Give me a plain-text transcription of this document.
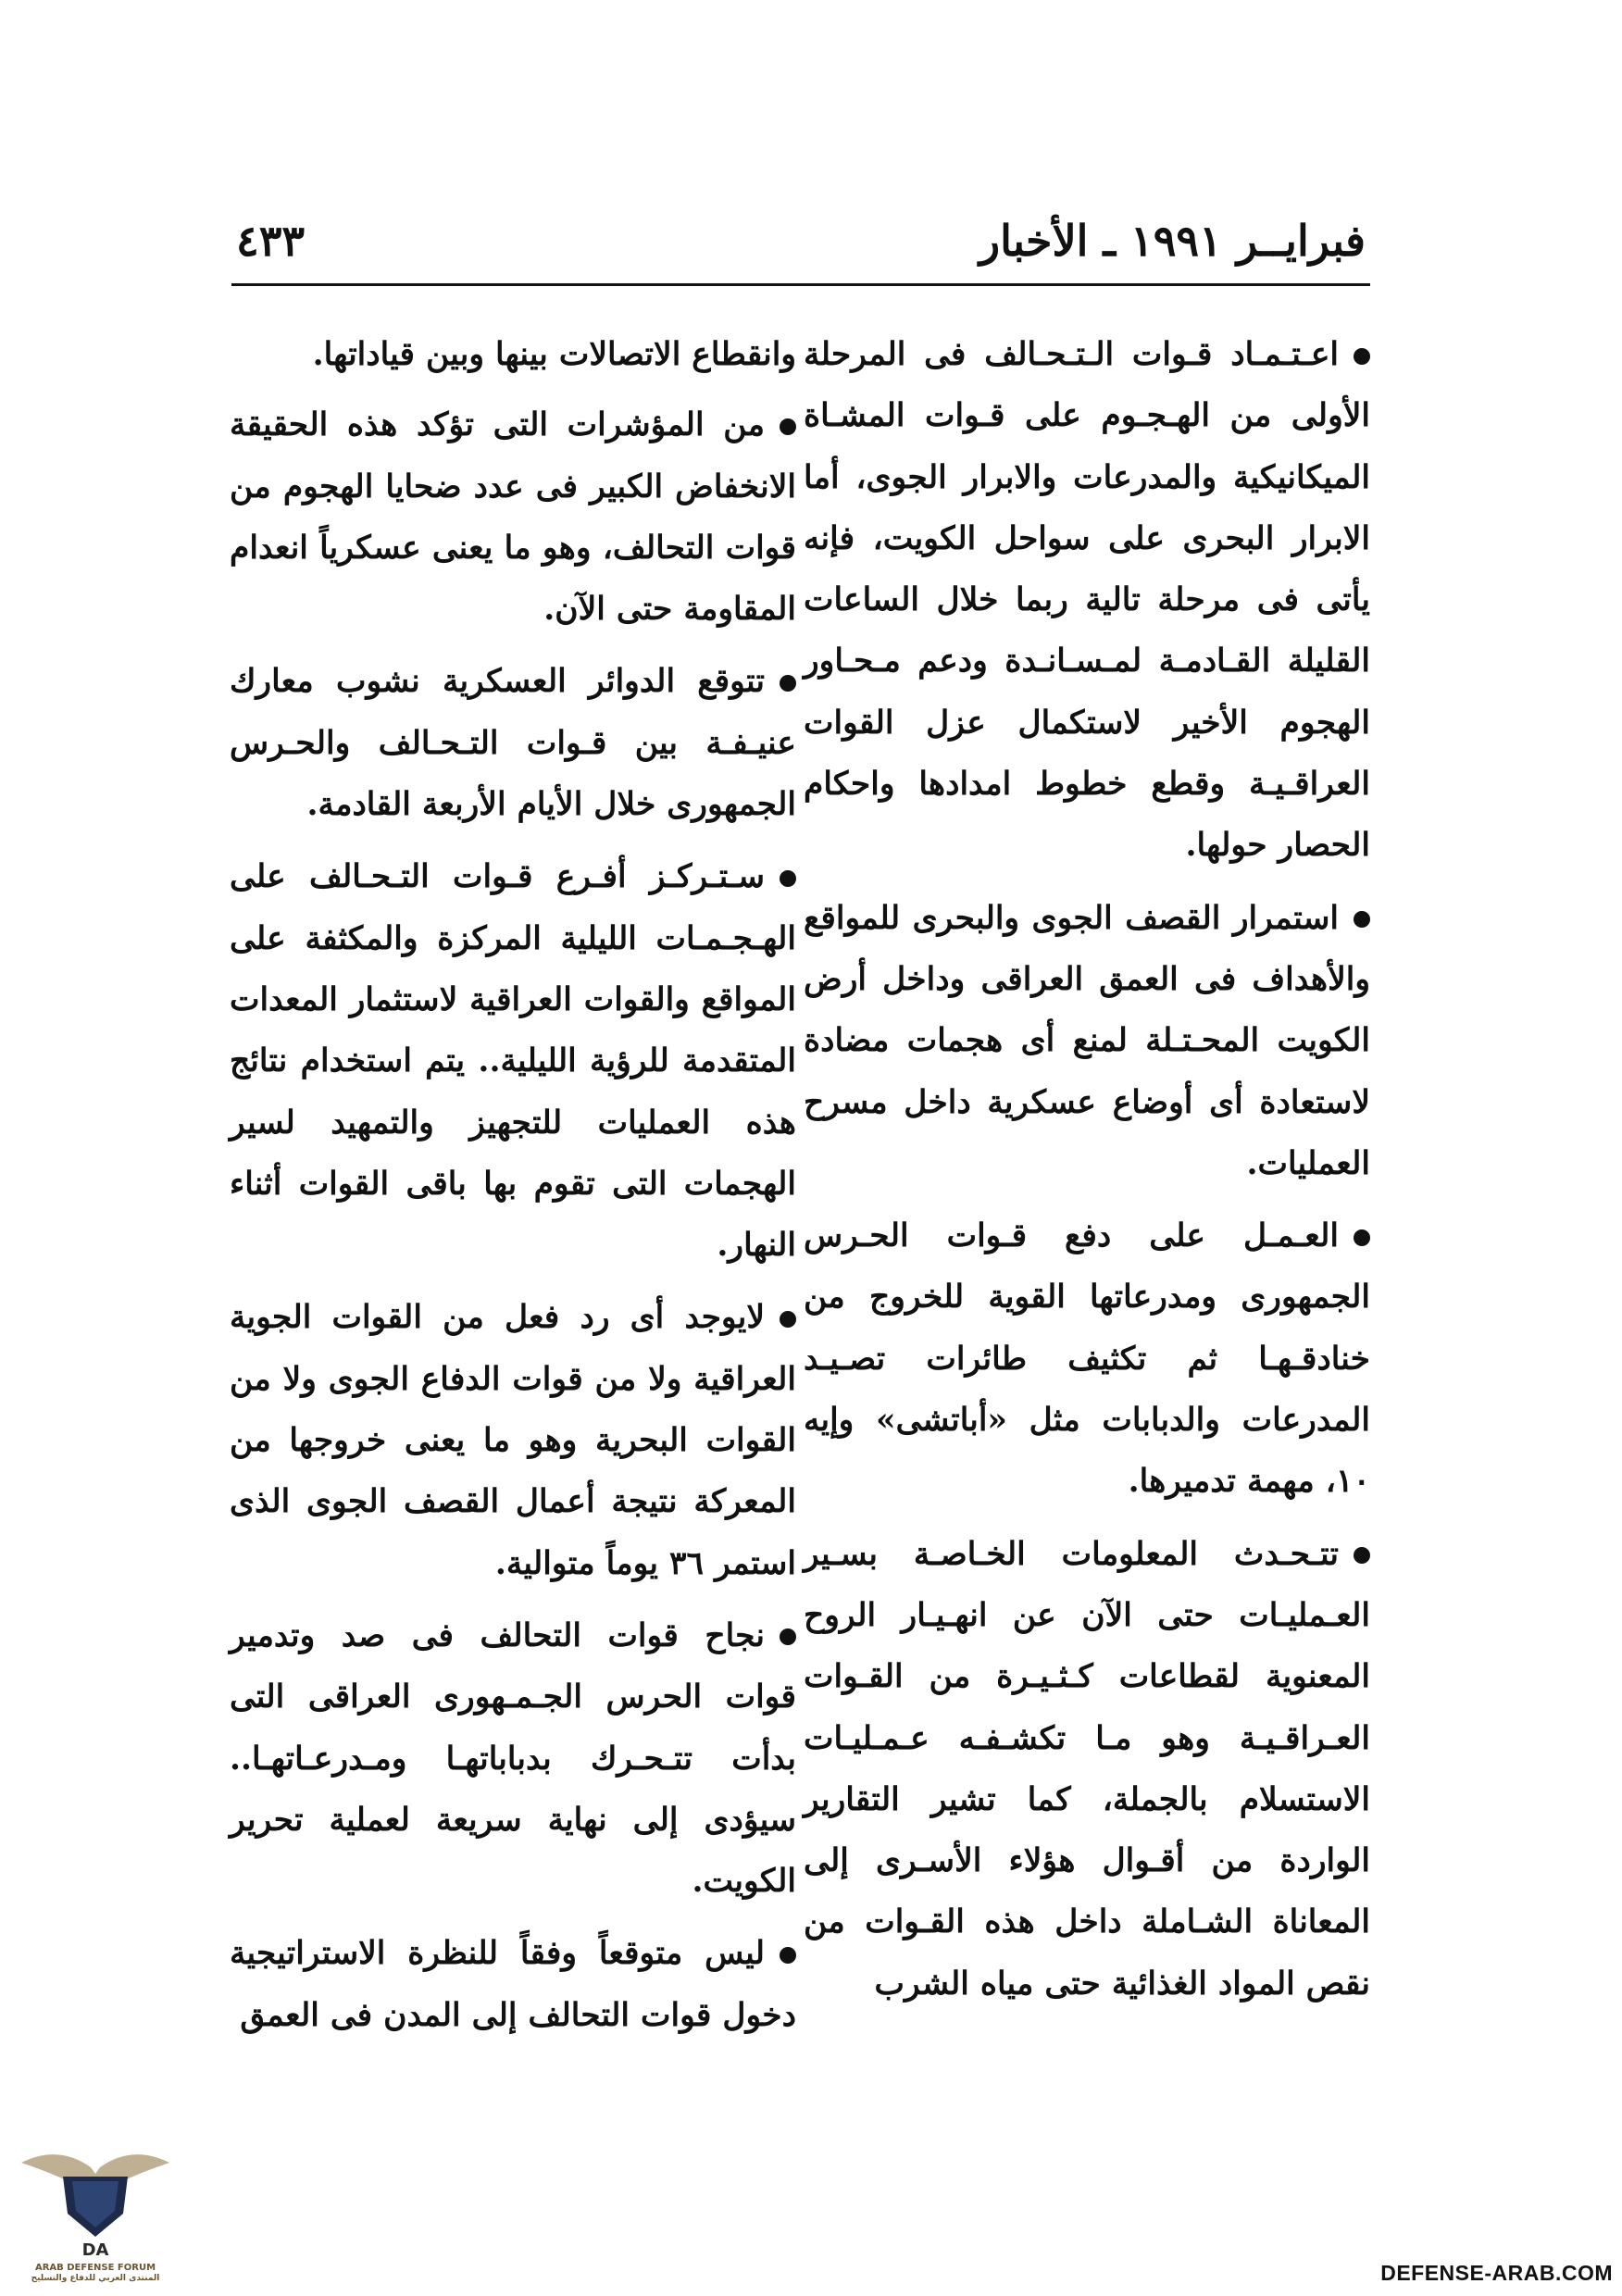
فبرايــر ١٩٩١ ـ الأخبار
٤٣٣

اعـتـمـاد قـوات الـتـحـالف فى المرحلة الأولى من الهـجـوم على قـوات المشـاة الميكانيكية والمدرعات والابرار الجوى، أما الابرار البحرى على سواحل الكويت، فإنه يأتى فى مرحلة تالية ربما خلال الساعات القليلة القـادمـة لمـسـانـدة ودعم مـحـاور الهجوم الأخير لاستكمال عزل القوات العراقـيـة وقطع خطوط امدادها واحكام الحصار حولها.

استمرار القصف الجوى والبحرى للمواقع والأهداف فى العمق العراقى وداخل أرض الكويت المحـتـلة لمنع أى هجمات مضادة لاستعادة أى أوضاع عسكرية داخل مسرح العمليات.

العـمـل على دفع قـوات الحـرس الجمهورى ومدرعاتها القوية للخروج من خنادقـهـا ثم تكثيف طائرات تصـيـد المدرعات والدبابات مثل «أباتشى» وإيه ١٠، مهمة تدميرها.

تتـحـدث المعلومات الخـاصـة بسـير العـمليـات حتى الآن عن انهـيـار الروح المعنوية لقطاعات كـثـيـرة من القـوات العـراقـيـة وهو مـا تكشـفـه عـمـليـات الاستسلام بالجملة، كما تشير التقارير الواردة من أقـوال هؤلاء الأسـرى إلى المعاناة الشـاملة داخل هذه القـوات من نقص المواد الغذائية حتى مياه الشرب

وانقطاع الاتصالات بينها وبين قياداتها.

من المؤشرات التى تؤكد هذه الحقيقة الانخفاض الكبير فى عدد ضحايا الهجوم من قوات التحالف، وهو ما يعنى عسكرياً انعدام المقاومة حتى الآن.

تتوقع الدوائر العسكرية نشوب معارك عنيـفـة بين قـوات التـحـالف والحـرس الجمهورى خلال الأيام الأربعة القادمة.

سـتـركـز أفـرع قـوات التـحـالف على الهـجـمـات الليلية المركزة والمكثفة على المواقع والقوات العراقية لاستثمار المعدات المتقدمة للرؤية الليلية.. يتم استخدام نتائج هذه العمليات للتجهيز والتمهيد لسير الهجمات التى تقوم بها باقى القوات أثناء النهار.

لايوجد أى رد فعل من القوات الجوية العراقية ولا من قوات الدفاع الجوى ولا من القوات البحرية وهو ما يعنى خروجها من المعركة نتيجة أعمال القصف الجوى الذى استمر ٣٦ يوماً متوالية.

نجاح قوات التحالف فى صد وتدمير قوات الحرس الجـمـهورى العراقى التى بدأت تتـحـرك بدباباتهـا ومـدرعـاتهـا.. سيؤدى إلى نهاية سريعة لعملية تحرير الكويت.

ليس متوقعاً وفقاً للنظرة الاستراتيجية دخول قوات التحالف إلى المدن فى العمق

DA
ARAB DEFENSE FORUM
المنتدى العربي للدفاع والتسليح	DEFENSE-ARAB.COM
